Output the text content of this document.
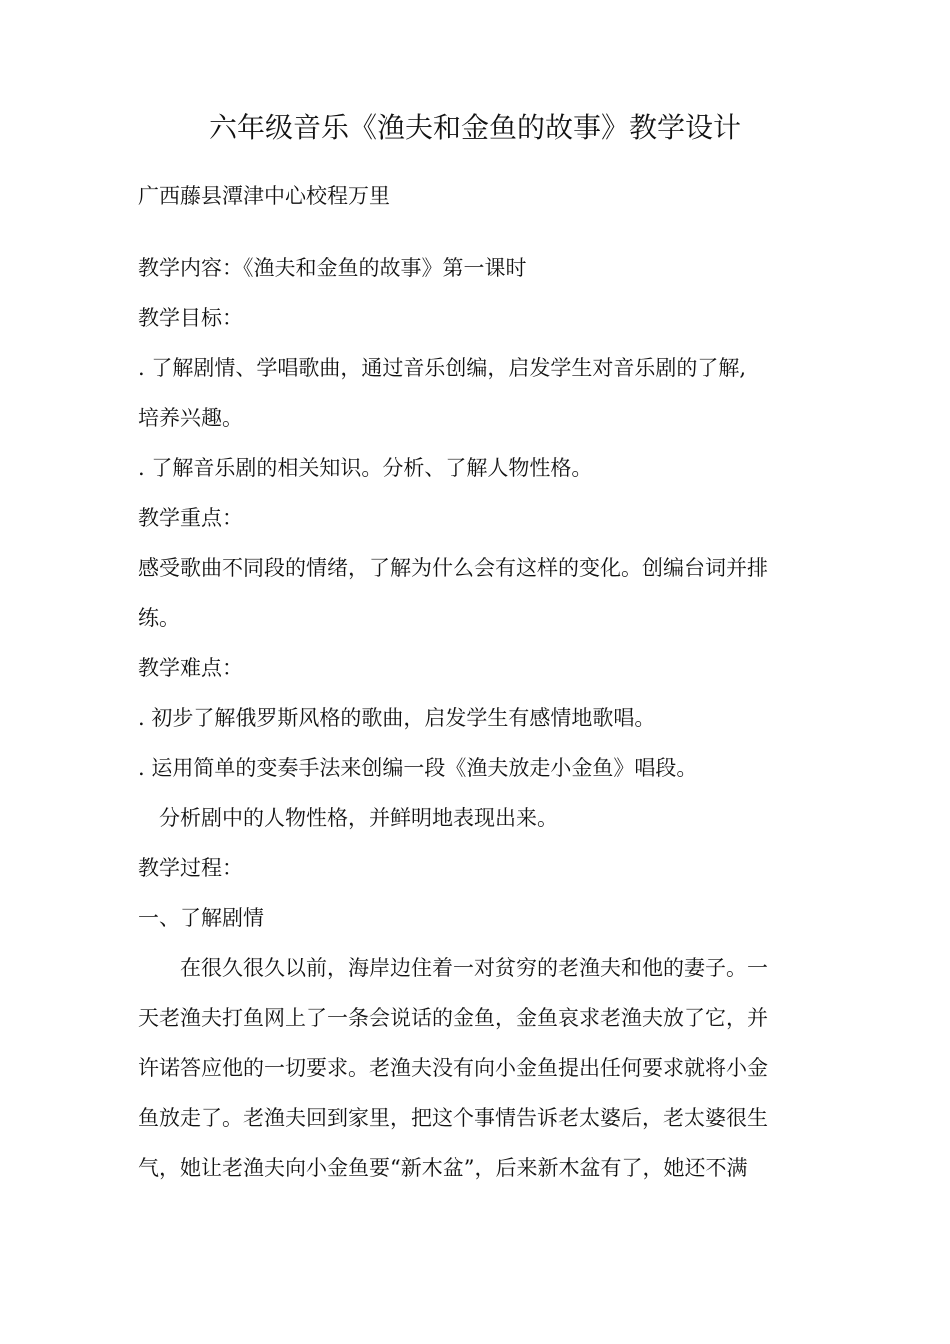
六年级音乐《渔夫和金鱼的故事》教学设计
广西藤县潭津中心校程万里
教学内容：《渔夫和金鱼的故事》第一课时
教学目标：
. 了解剧情、学唱歌曲，通过音乐创编，启发学生对音乐剧的了解,
培养兴趣。
. 了解音乐剧的相关知识。分析、了解人物性格。
教学重点：
感受歌曲不同段的情绪，了解为什么会有这样的变化。创编台词并排
练。
教学难点：
. 初步了解俄罗斯风格的歌曲，启发学生有感情地歌唱。
. 运用简单的变奏手法来创编一段《渔夫放走小金鱼》唱段。
　分析剧中的人物性格，并鲜明地表现出来。
教学过程：
一、了解剧情
　　在很久很久以前，海岸边住着一对贫穷的老渔夫和他的妻子。一
天老渔夫打鱼网上了一条会说话的金鱼，金鱼哀求老渔夫放了它，并
许诺答应他的一切要求。老渔夫没有向小金鱼提出任何要求就将小金
鱼放走了。老渔夫回到家里，把这个事情告诉老太婆后，老太婆很生
气，她让老渔夫向小金鱼要“新木盆”，后来新木盆有了，她还不满
